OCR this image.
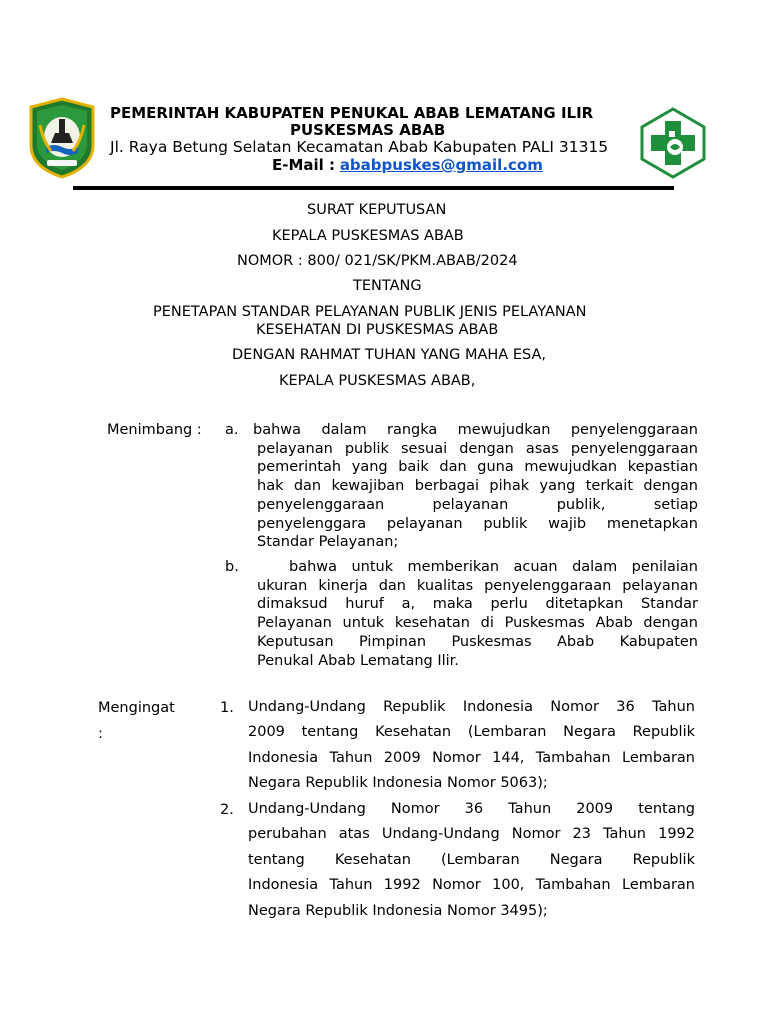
PEMERINTAH KABUPATEN PENUKAL ABAB LEMATANG ILIR
PUSKESMAS ABAB
Jl. Raya Betung Selatan Kecamatan Abab Kabupaten PALI 31315
E-Mail : ababpuskes@gmail.com
SURAT KEPUTUSAN
KEPALA PUSKESMAS ABAB
NOMOR : 800/ 021/SK/PKM.ABAB/2024
TENTANG
PENETAPAN STANDAR PELAYANAN PUBLIK JENIS PELAYANAN
KESEHATAN DI PUSKESMAS ABAB
DENGAN RAHMAT TUHAN YANG MAHA ESA,
KEPALA PUSKESMAS ABAB,
Menimbang : a. bahwa dalam rangka mewujudkan penyelenggaraan
pelayanan publik sesuai dengan asas penyelenggaraan
pemerintah yang baik dan guna mewujudkan kepastian
hak dan kewajiban berbagai pihak yang terkait dengan
penyelenggaraan	pelayanan	publik,	setiap
penyelenggara pelayanan publik wajib menetapkan
Standar Pelayanan;
b.	bahwa untuk memberikan acuan dalam penilaian
ukuran kinerja dan kualitas penyelenggaraan pelayanan
dimaksud huruf a, maka perlu ditetapkan Standar
Pelayanan untuk kesehatan di Puskesmas Abab dengan
Keputusan Pimpinan Puskesmas Abab Kabupaten
Penukal Abab Lematang Ilir.
Mengingat
:
1. Undang-Undang Republik Indonesia Nomor 36 Tahun
2009 tentang Kesehatan (Lembaran Negara Republik
Indonesia Tahun 2009 Nomor 144, Tambahan Lembaran
Negara Republik Indonesia Nomor 5063);
2. Undang-Undang Nomor 36 Tahun 2009 tentang
perubahan atas Undang-Undang Nomor 23 Tahun 1992
tentang Kesehatan (Lembaran Negara Republik
Indonesia Tahun 1992 Nomor 100, Tambahan Lembaran
Negara Republik Indonesia Nomor 3495);
